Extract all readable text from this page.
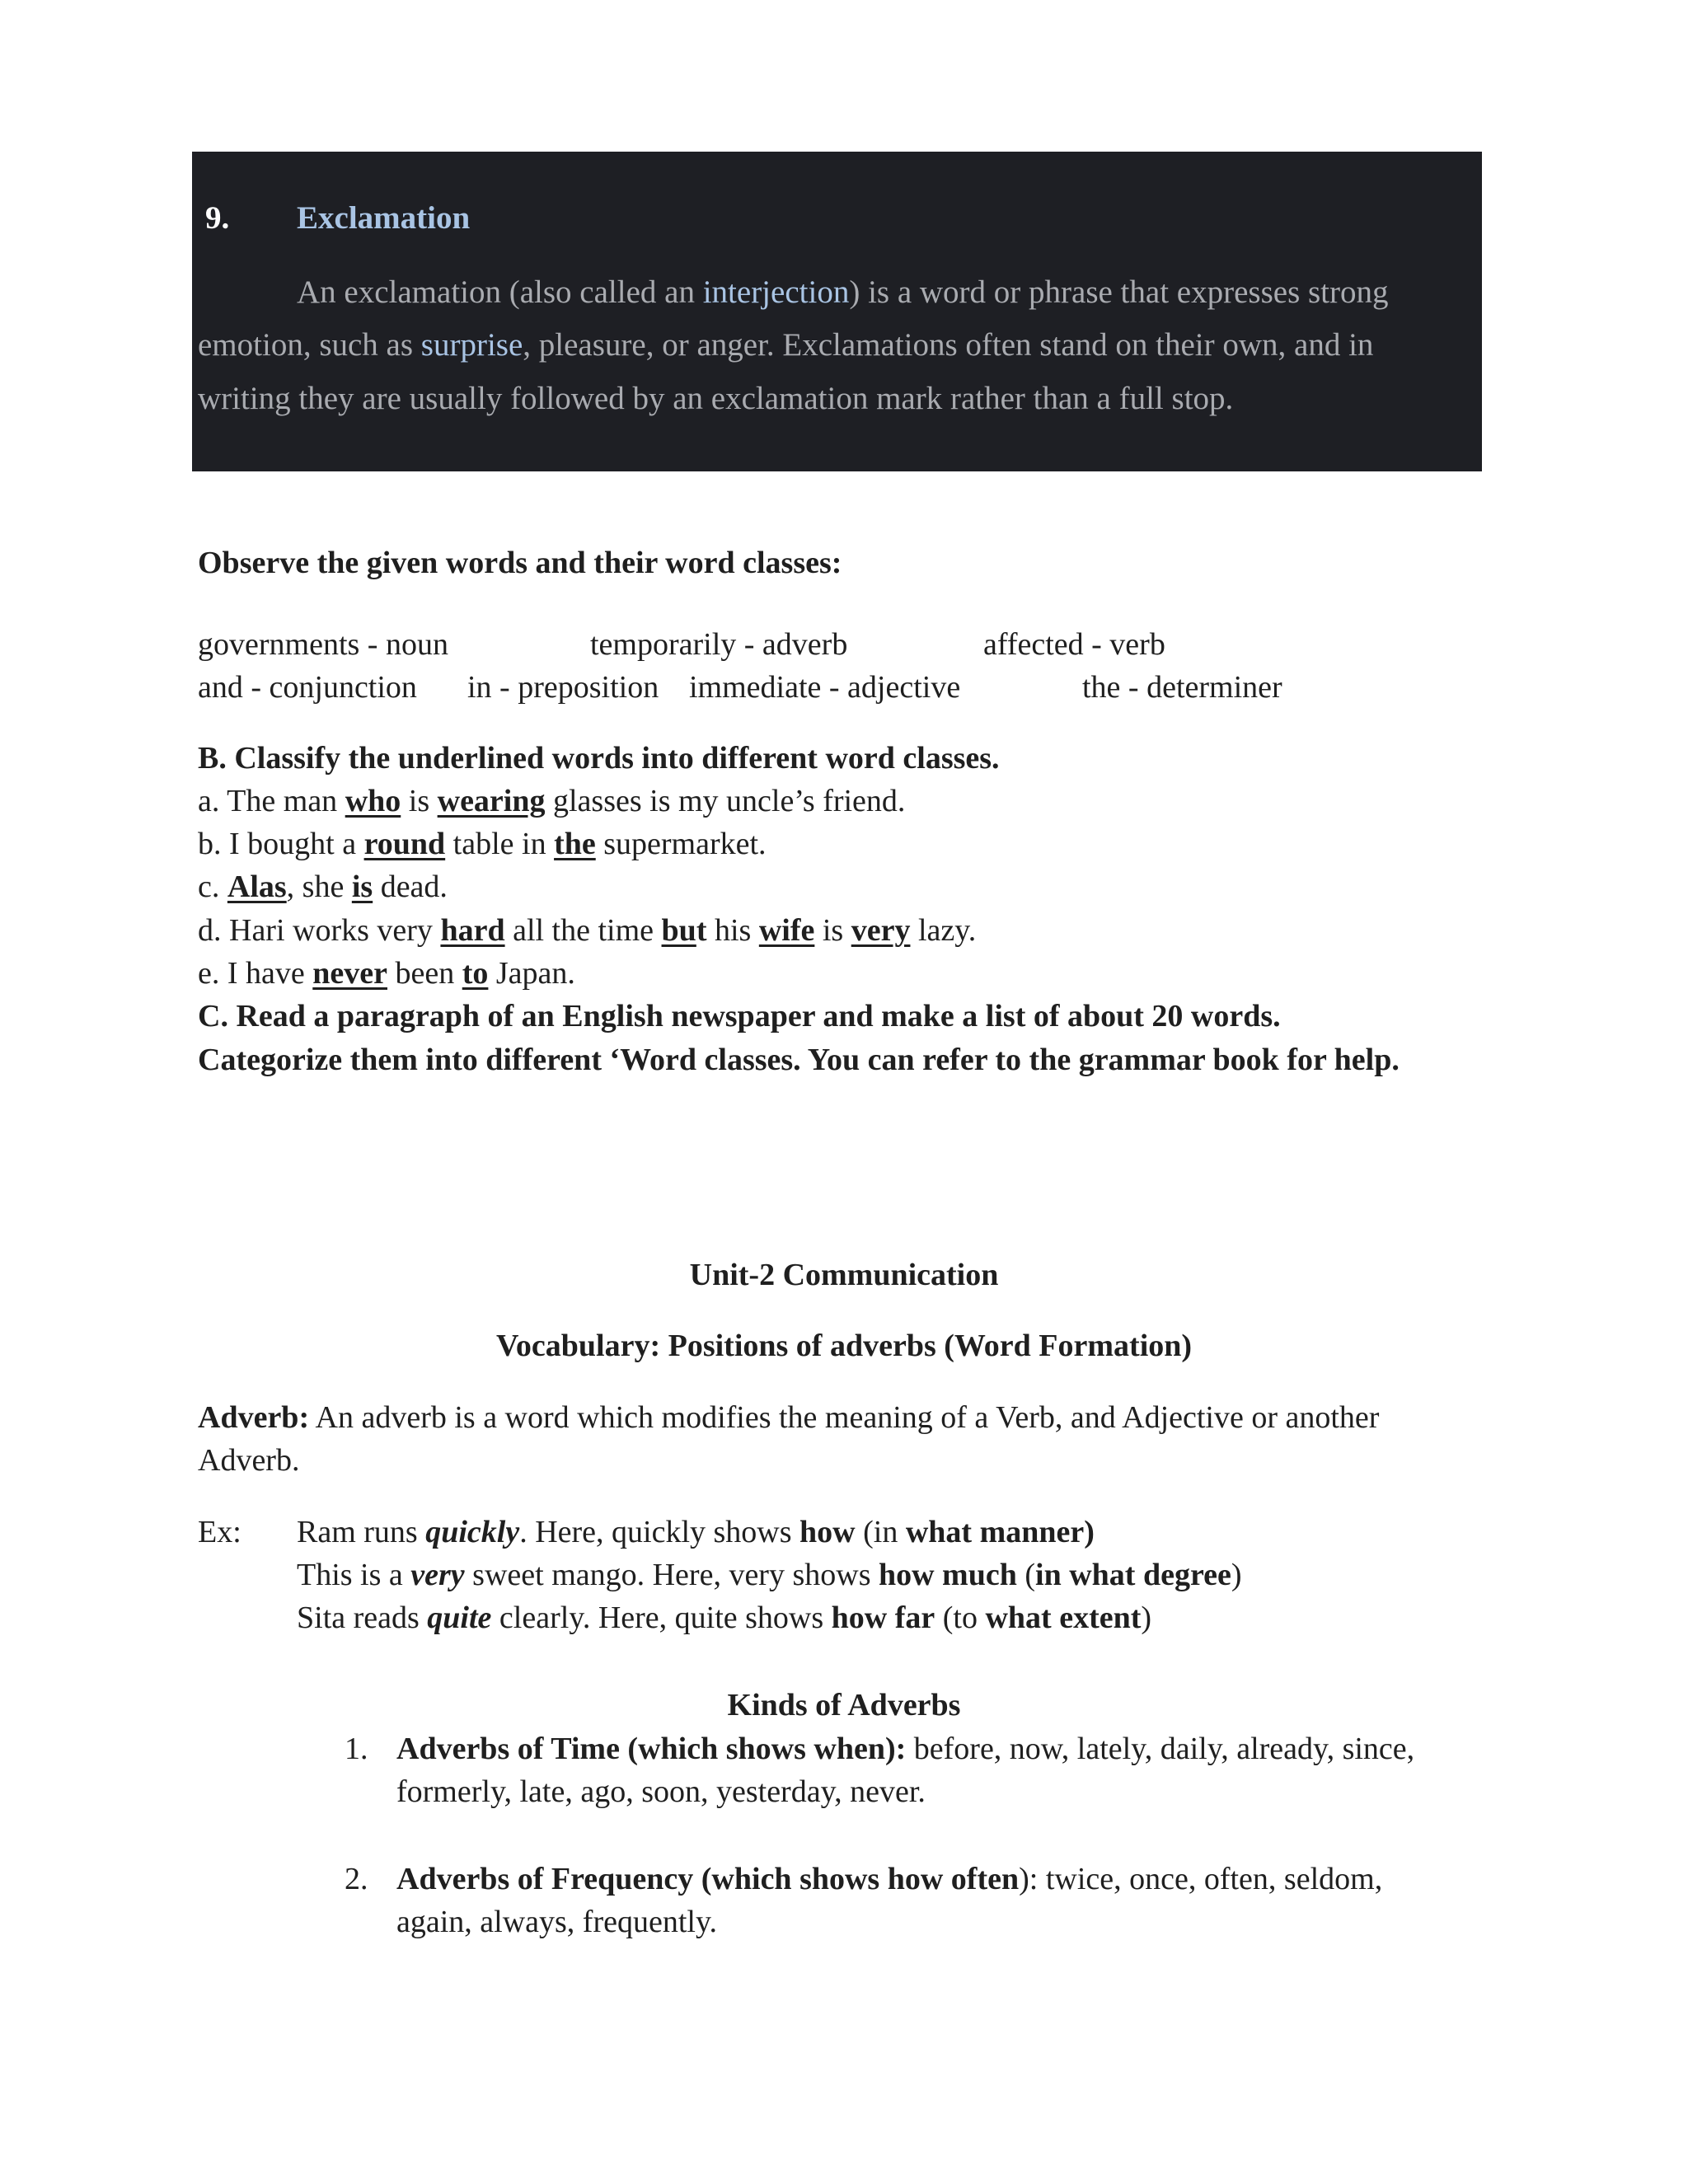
9. Exclamation
An exclamation (also called an interjection) is a word or phrase that expresses strong
emotion, such as surprise, pleasure, or anger. Exclamations often stand on their own, and in
writing they are usually followed by an exclamation mark rather than a full stop.
Observe the given words and their word classes:
governments - noun	temporarily - adverb	affected - verb
and - conjunction in - preposition immediate - adjective	the - determiner
B. Classify the underlined words into different word classes.
a. The man who is wearing glasses is my uncle’s friend.
b. I bought a round table in the supermarket.
c. Alas, she is dead.
d. Hari works very hard all the time but his wife is very lazy.
e. I have never been to Japan.
C. Read a paragraph of an English newspaper and make a list of about 20 words.
Categorize them into different ‘Word classes. You can refer to the grammar book for help.
Unit-2 Communication
Vocabulary: Positions of adverbs (Word Formation)
Adverb: An adverb is a word which modifies the meaning of a Verb, and Adjective or another
Adverb.
Ex: Ram runs quickly. Here, quickly shows how (in what manner)
This is a very sweet mango. Here, very shows how much (in what degree)
Sita reads quite clearly. Here, quite shows how far (to what extent)
Kinds of Adverbs
1. Adverbs of Time (which shows when): before, now, lately, daily, already, since,
formerly, late, ago, soon, yesterday, never.
2. Adverbs of Frequency (which shows how often): twice, once, often, seldom,
again, always, frequently.
